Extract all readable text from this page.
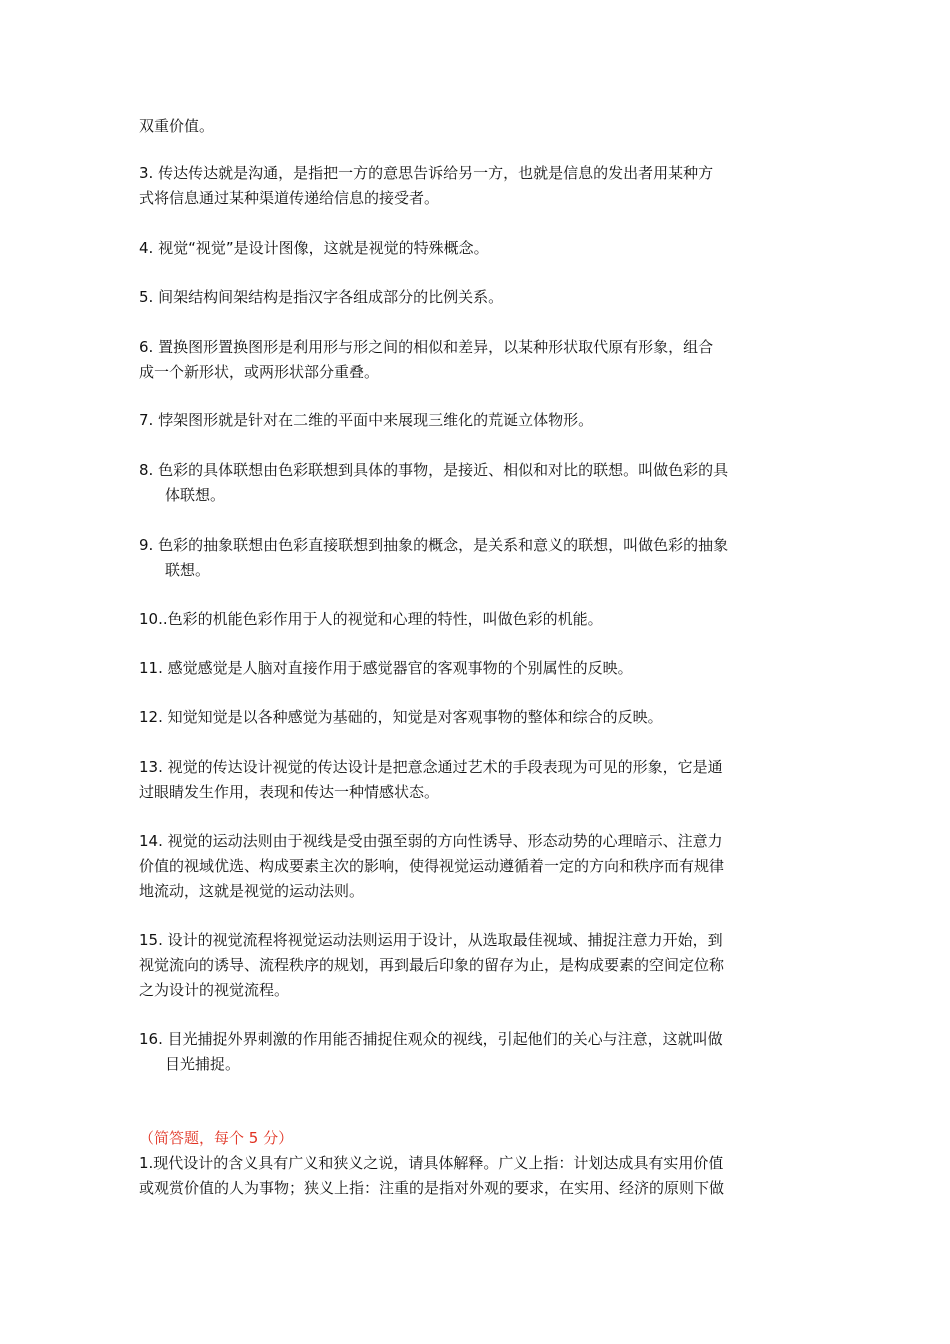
双重价值。
3. 传达传达就是沟通，是指把一方的意思告诉给另一方，也就是信息的发出者用某种方
式将信息通过某种渠道传递给信息的接受者。
4. 视觉“视觉”是设计图像，这就是视觉的特殊概念。
5. 间架结构间架结构是指汉字各组成部分的比例关系。
6. 置换图形置换图形是利用形与形之间的相似和差异，以某种形状取代原有形象，组合
成一个新形状，或两形状部分重叠。
7. 悖架图形就是针对在二维的平面中来展现三维化的荒诞立体物形。
8. 色彩的具体联想由色彩联想到具体的事物，是接近、相似和对比的联想。叫做色彩的具
体联想。
9. 色彩的抽象联想由色彩直接联想到抽象的概念，是关系和意义的联想，叫做色彩的抽象
联想。
10..色彩的机能色彩作用于人的视觉和心理的特性，叫做色彩的机能。
11. 感觉感觉是人脑对直接作用于感觉器官的客观事物的个别属性的反映。
12. 知觉知觉是以各种感觉为基础的，知觉是对客观事物的整体和综合的反映。
13. 视觉的传达设计视觉的传达设计是把意念通过艺术的手段表现为可见的形象，它是通
过眼睛发生作用，表现和传达一种情感状态。
14. 视觉的运动法则由于视线是受由强至弱的方向性诱导、形态动势的心理暗示、注意力
价值的视域优选、构成要素主次的影响，使得视觉运动遵循着一定的方向和秩序而有规律
地流动，这就是视觉的运动法则。
15. 设计的视觉流程将视觉运动法则运用于设计，从选取最佳视域、捕捉注意力开始，到
视觉流向的诱导、流程秩序的规划，再到最后印象的留存为止，是构成要素的空间定位称
之为设计的视觉流程。
16. 目光捕捉外界刺激的作用能否捕捉住观众的视线，引起他们的关心与注意，这就叫做
目光捕捉。
（简答题，每个 5 分）
1.现代设计的含义具有广义和狭义之说，请具体解释。广义上指：计划达成具有实用价值
或观赏价值的人为事物；狭义上指：注重的是指对外观的要求，在实用、经济的原则下做
